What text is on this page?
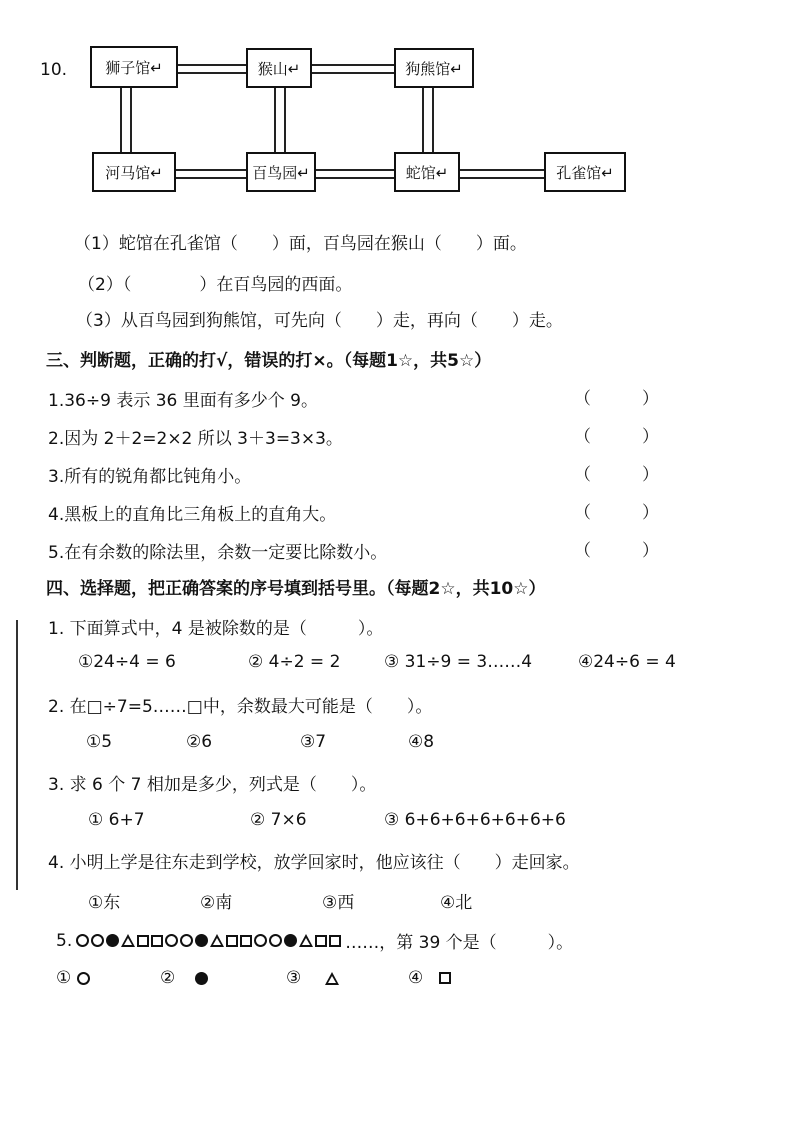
10.	狮子馆↵	猴山↵	狗熊馆↵
河马馆↵	百鸟园↵	蛇馆↵	孔雀馆↵
（1）蛇馆在孔雀馆（　　）面，百鸟园在猴山（　　）面。
（2）（　　　　）在百鸟园的西面。
（3）从百鸟园到狗熊馆，可先向（　　）走，再向（　　）走。
三、判断题，正确的打√，错误的打×。（每题1☆，共5☆）
1.36÷9 表示 36 里面有多少个 9。	（　　　）
2.因为 2＋2=2×2 所以 3＋3=3×3。	（　　　）
3.所有的锐角都比钝角小。	（　　　）
4.黑板上的直角比三角板上的直角大。	（　　　）
5.在有余数的除法里，余数一定要比除数小。	（　　　）
四、选择题，把正确答案的序号填到括号里。（每题2☆，共10☆）
1. 下面算式中，4 是被除数的是（　　　）。
①24÷4 = 6	② 4÷2 = 2	③ 31÷9 = 3……4	④24÷6 = 4
2. 在□÷7=5……□中，余数最大可能是（　　）。
①5	②6	③7	④8
3. 求 6 个 7 相加是多少，列式是（　　）。
① 6+7	② 7×6	③ 6+6+6+6+6+6+6
4. 小明上学是往东走到学校，放学回家时，他应该往（　　）走回家。
①东	②南	③西	④北
5.	……，第 39 个是（　　　）。
①	②	③	④
